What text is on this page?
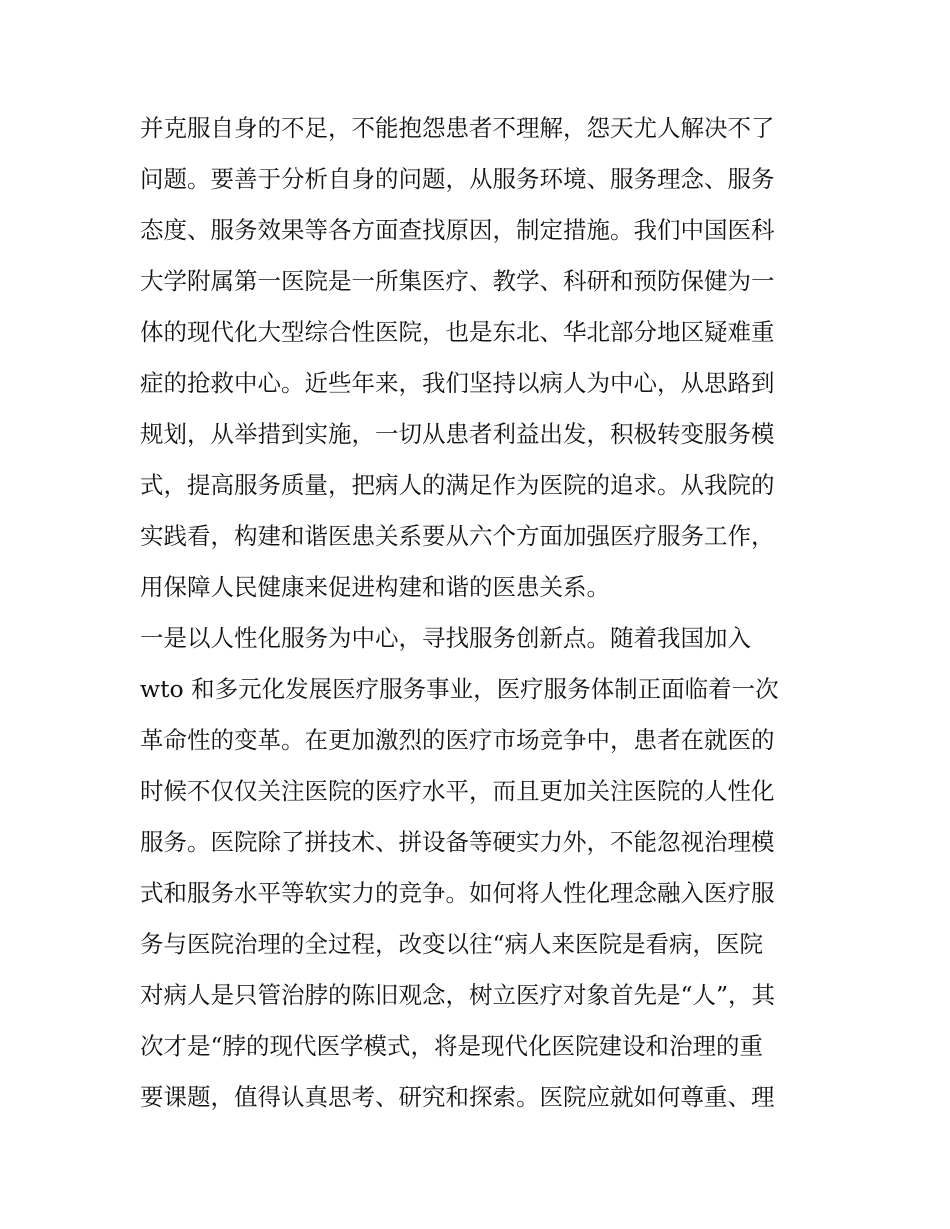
并克服自身的不足，不能抱怨患者不理解，怨天尤人解决不了
问题。要善于分析自身的问题，从服务环境、服务理念、服务
态度、服务效果等各方面查找原因，制定措施。我们中国医科
大学附属第一医院是一所集医疗、教学、科研和预防保健为一
体的现代化大型综合性医院，也是东北、华北部分地区疑难重
症的抢救中心。近些年来，我们坚持以病人为中心，从思路到
规划，从举措到实施，一切从患者利益出发，积极转变服务模
式，提高服务质量，把病人的满足作为医院的追求。从我院的
实践看，构建和谐医患关系要从六个方面加强医疗服务工作，
用保障人民健康来促进构建和谐的医患关系。
一是以人性化服务为中心，寻找服务创新点。随着我国加入
wto 和多元化发展医疗服务事业，医疗服务体制正面临着一次
革命性的变革。在更加激烈的医疗市场竞争中，患者在就医的
时候不仅仅关注医院的医疗水平，而且更加关注医院的人性化
服务。医院除了拼技术、拼设备等硬实力外，不能忽视治理模
式和服务水平等软实力的竞争。如何将人性化理念融入医疗服
务与医院治理的全过程，改变以往“病人来医院是看病，医院
对病人是只管治脖的陈旧观念，树立医疗对象首先是“人”，其
次才是“脖的现代医学模式，将是现代化医院建设和治理的重
要课题，值得认真思考、研究和探索。医院应就如何尊重、理
